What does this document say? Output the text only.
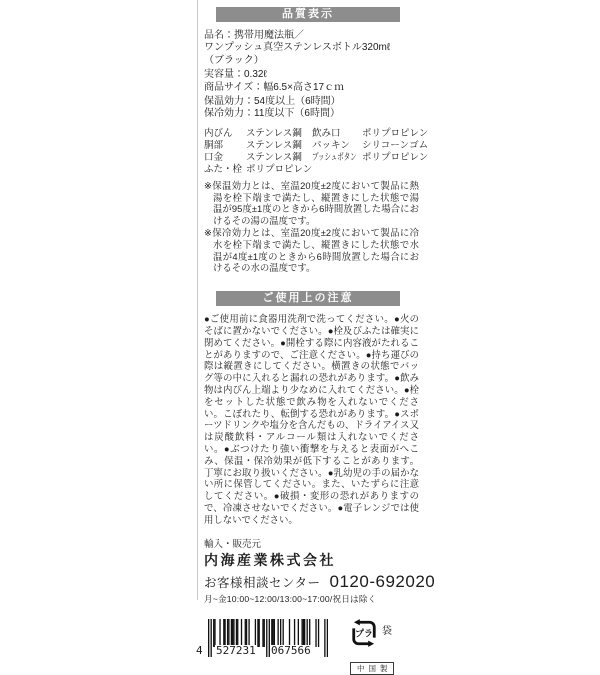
品質表示
品名：携帯用魔法瓶／
ワンプッシュ真空ステンレスボトル320mℓ
（ブラック）
実容量：0.32ℓ
商品サイズ：幅6.5×高さ17ｃｍ
保温効力：54度以上（6時間）
保冷効力：11度以下（6時間）
内びん	ステンレス鋼	飲み口	ポリプロピレン
胴部	ステンレス鋼	パッキン	シリコーンゴム
口金	ステンレス鋼	プッシュボタン ポリプロピレン
ふた・栓 ポリプロピレン

※保温効力とは、室温20度±2度において製品に熱湯を栓下端まで満たし、縦置きにした状態で湯温が95度±1度のときから6時間放置した場合におけるその湯の温度です。

※保冷効力とは、室温20度±2度において製品に冷水を栓下端まで満たし、縦置きにした状態で水温が4度±1度のときから6時間放置した場合におけるその水の温度です。

ご使用上の注意
●ご使用前に食器用洗剤で洗ってください。●火のそばに置かないでください。●栓及びふたは確実に閉めてください。●開栓する際に内容液がたれることがありますので、ご注意ください。●持ち運びの際は縦置きにしてください。横置きの状態でバッグ等の中に入れると漏れの恐れがあります。●飲み物は内びん上端より少なめに入れてください。●栓をセットした状態で飲み物を入れないでください。こぼれたり、転倒する恐れがあります。●スポーツドリンクや塩分を含んだもの、ドライアイス又は炭酸飲料・アルコール類は入れないでください。●ぶつけたり強い衝撃を与えると表面がへこみ、保温・保冷効果が低下することがあります。丁寧にお取り扱いください。●乳幼児の手の届かない所に保管してください。また、いたずらに注意してください。●破損・変形の恐れがありますので、冷凍させないでください。●電子レンジでは使用しないでください。
輸入・販売元
内海産業株式会社
お客様相談センター 0120-692020
月~金10:00~12:00/13:00~17:00/祝日は除く
4 527231 067566
プラ 袋
中国製
